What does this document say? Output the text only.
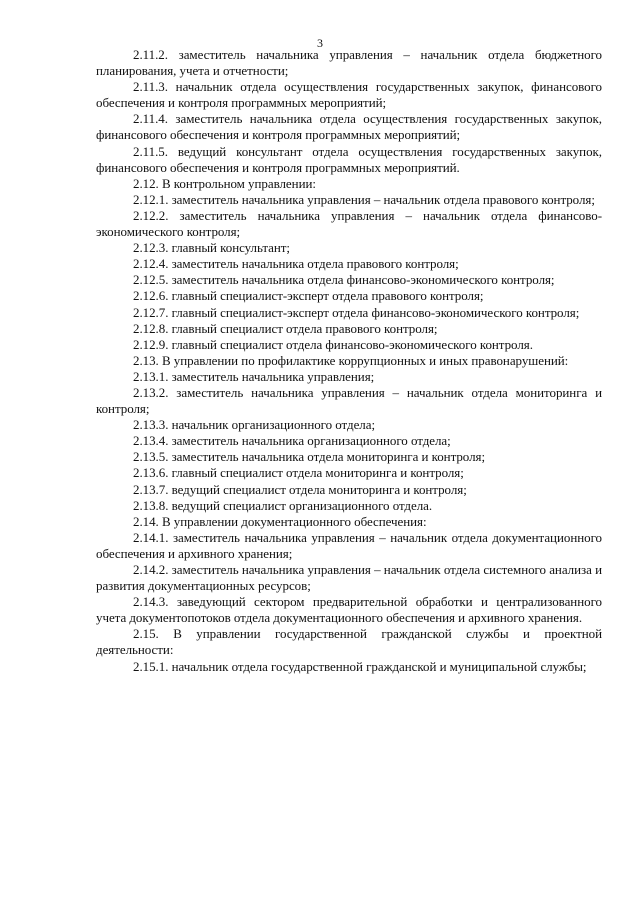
3

2.11.2. заместитель начальника управления – начальник отдела бюджетного планирования, учета и отчетности;

2.11.3. начальник отдела осуществления государственных закупок, финансового обеспечения и контроля программных мероприятий;

2.11.4. заместитель начальника отдела осуществления государственных закупок, финансового обеспечения и контроля программных мероприятий;

2.11.5. ведущий консультант отдела осуществления государственных закупок, финансового обеспечения и контроля программных мероприятий.

2.12. В контрольном управлении:

2.12.1. заместитель начальника управления – начальник отдела правового контроля;

2.12.2. заместитель начальника управления – начальник отдела финансово-экономического контроля;

2.12.3. главный консультант;

2.12.4. заместитель начальника отдела правового контроля;

2.12.5. заместитель начальника отдела финансово-экономического контроля;

2.12.6. главный специалист-эксперт отдела правового контроля;

2.12.7. главный специалист-эксперт отдела финансово-экономического контроля;

2.12.8. главный специалист отдела правового контроля;

2.12.9. главный специалист отдела финансово-экономического контроля.

2.13. В управлении по профилактике коррупционных и иных правонарушений:

2.13.1. заместитель начальника управления;

2.13.2. заместитель начальника управления – начальник отдела мониторинга и контроля;

2.13.3. начальник организационного отдела;

2.13.4. заместитель начальника организационного отдела;

2.13.5. заместитель начальника отдела мониторинга и контроля;

2.13.6. главный специалист отдела мониторинга и контроля;

2.13.7. ведущий специалист отдела мониторинга и контроля;

2.13.8. ведущий специалист организационного отдела.

2.14. В управлении документационного обеспечения:

2.14.1. заместитель начальника управления – начальник отдела документационного обеспечения и архивного хранения;

2.14.2. заместитель начальника управления – начальник отдела системного анализа и развития документационных ресурсов;

2.14.3. заведующий сектором предварительной обработки и централизованного учета документопотоков отдела документационного обеспечения и архивного хранения.

2.15. В управлении государственной гражданской службы и проектной деятельности:

2.15.1. начальник отдела государственной гражданской и муниципальной службы;
